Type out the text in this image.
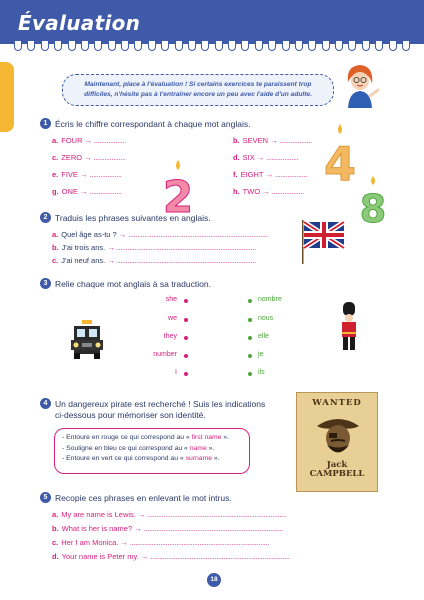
Évaluation
Maintenant, place à l'évaluation ! Si certains exercices te paraissent trop difficiles, n'hésite pas à t'entraîner encore un peu avec l'aide d'un adulte.
1 Écris le chiffre correspondant à chaque mot anglais.
a. FOUR → ..................	b. SEVEN → ..................
c. ZERO → ..................	d. SIX → ..................
e. FIVE → ..................	f. EIGHT → ..................
g. ONE → ..................	h. TWO → ..................
4
2	8
2 Traduis les phrases suivantes en anglais.
a. Quel âge as-tu ? → ..............................................................................
b. J'ai trois ans. → ..............................................................................
c. J'ai neuf ans. → ..............................................................................
3 Relie chaque mot anglais à sa traduction.
she
we
they
number
I
nombre
nous
elle
je
ils
4 Un dangereux pirate est recherché ! Suis les indications
ci-dessous pour mémoriser son identité.
- Entoure en rouge ce qui correspond au « first name ».
- Souligne en bleu ce qui correspond au « name ».
- Entoure en vert ce qui correspond au « surname ».
WANTED
Jack
CAMPBELL
5 Recopie ces phrases en enlevant le mot intrus.
a. My are name is Lewis. → ..............................................................................
b. What is her is name? → ..............................................................................
c. Her I am Monica. → ..............................................................................
d. Your name is Peter my. → ..............................................................................
18
